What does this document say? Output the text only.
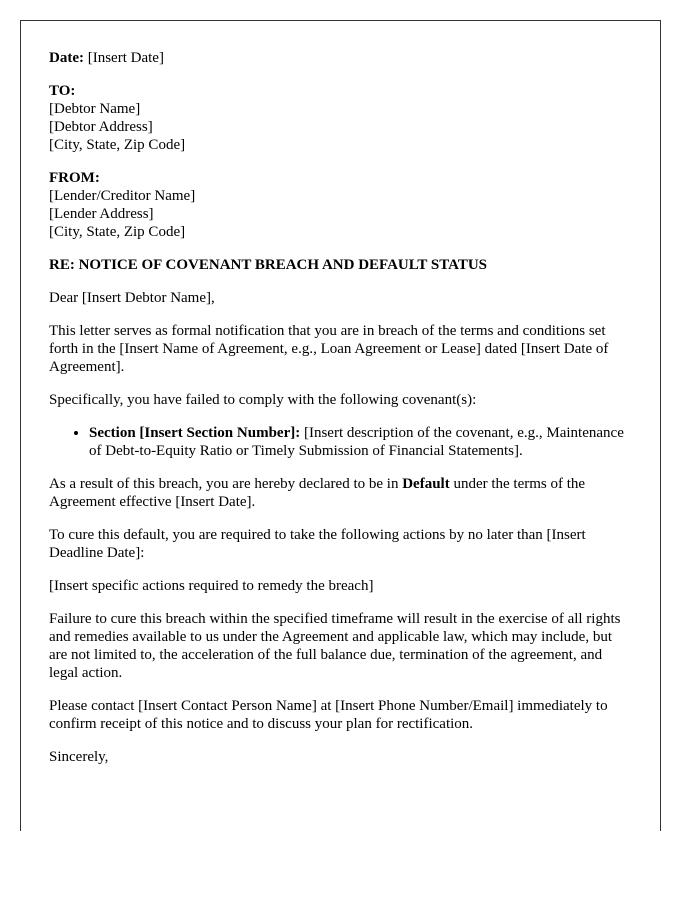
Date: [Insert Date]

TO:
[Debtor Name]
[Debtor Address]
[City, State, Zip Code]

FROM:
[Lender/Creditor Name]
[Lender Address]
[City, State, Zip Code]

RE: NOTICE OF COVENANT BREACH AND DEFAULT STATUS

Dear [Insert Debtor Name],

This letter serves as formal notification that you are in breach of the terms and conditions set forth in the [Insert Name of Agreement, e.g., Loan Agreement or Lease] dated [Insert Date of Agreement].

Specifically, you have failed to comply with the following covenant(s):

• Section [Insert Section Number]: [Insert description of the covenant, e.g., Maintenance of Debt-to-Equity Ratio or Timely Submission of Financial Statements].

As a result of this breach, you are hereby declared to be in Default under the terms of the Agreement effective [Insert Date].

To cure this default, you are required to take the following actions by no later than [Insert Deadline Date]:

[Insert specific actions required to remedy the breach]

Failure to cure this breach within the specified timeframe will result in the exercise of all rights and remedies available to us under the Agreement and applicable law, which may include, but are not limited to, the acceleration of the full balance due, termination of the agreement, and legal action.

Please contact [Insert Contact Person Name] at [Insert Phone Number/Email] immediately to confirm receipt of this notice and to discuss your plan for rectification.

Sincerely,
